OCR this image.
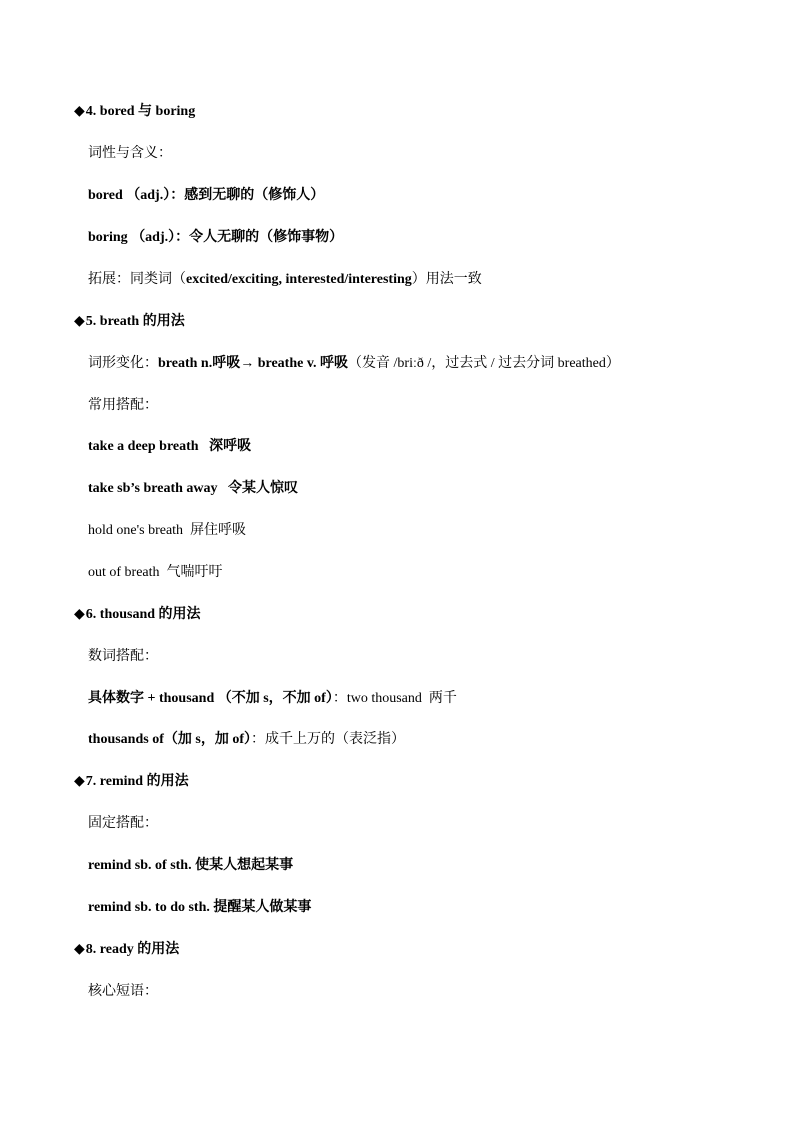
◆4. bored 与 boring
词性与含义：
bored （adj.）：感到无聊的（修饰人）
boring （adj.）：令人无聊的（修饰事物）
拓展：同类词（excited/exciting, interested/interesting）用法一致
◆5. breath 的用法
词形变化：breath n.呼吸→ breathe v. 呼吸（发音 /briːð /，过去式 / 过去分词 breathed）
常用搭配：
take a deep breath 深呼吸
take sb’s breath away 令某人惊叹
hold one's breath 屏住呼吸
out of breath 气喘吁吁
◆6. thousand 的用法
数词搭配：
具体数字 + thousand （不加 s，不加 of）：two thousand 两千
thousands of（加 s，加 of）：成千上万的（表泛指）
◆7. remind 的用法
固定搭配：
remind sb. of sth. 使某人想起某事
remind sb. to do sth. 提醒某人做某事
◆8. ready 的用法
核心短语：
